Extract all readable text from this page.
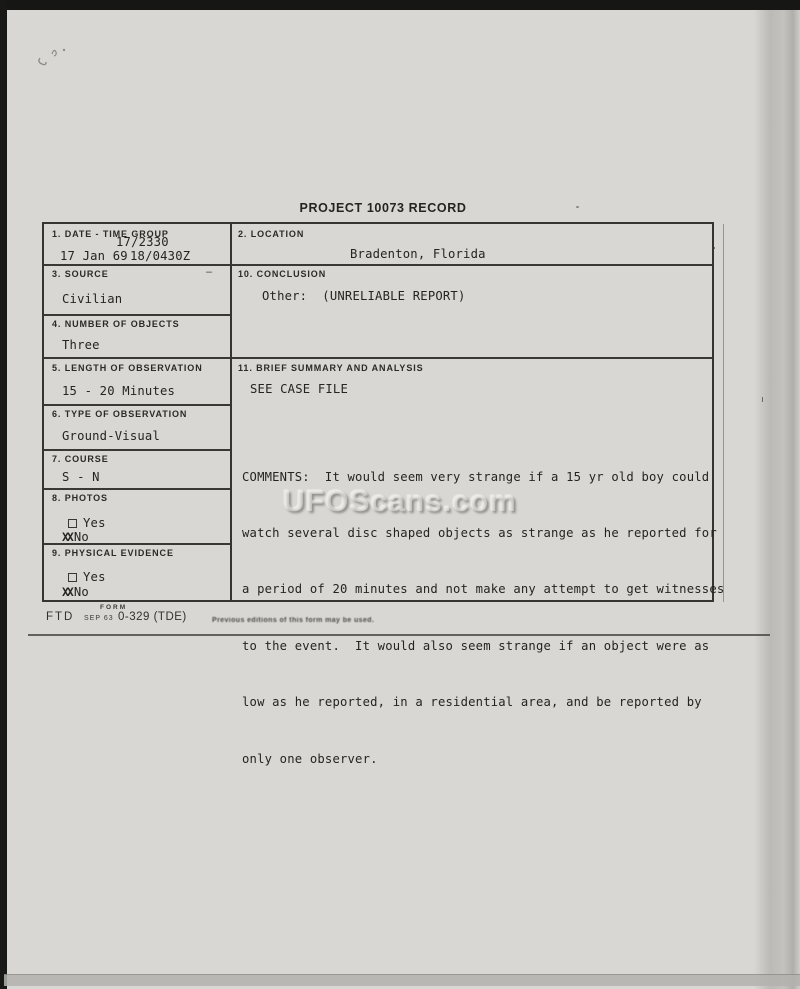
PROJECT 10073 RECORD
1. DATE - TIME GROUP
17/2330
17 Jan 69 18/0430Z
3. SOURCE	–
Civilian
4. NUMBER OF OBJECTS
Three
5. LENGTH OF OBSERVATION
15 - 20 Minutes
6. TYPE OF OBSERVATION
Ground-Visual
7. COURSE
S - N
8. PHOTOS
Yes
XX No
9. PHYSICAL EVIDENCE
Yes
XX No
2. LOCATION
Bradenton, Florida
10. CONCLUSION
Other:  (UNRELIABLE REPORT)
11. BRIEF SUMMARY AND ANALYSIS
SEE CASE FILE

COMMENTS:  It would seem very strange if a 15 yr old boy could

watch several disc shaped objects as strange as he reported for

a period of 20 minutes and not make any attempt to get witnesses

to the event.  It would also seem strange if an object were as

low as he reported, in a residential area, and be reported by

only one observer.

UFOScans.com
FORM
FTD SEP 63 0-329 (TDE)	Previous editions of this form may be used.
